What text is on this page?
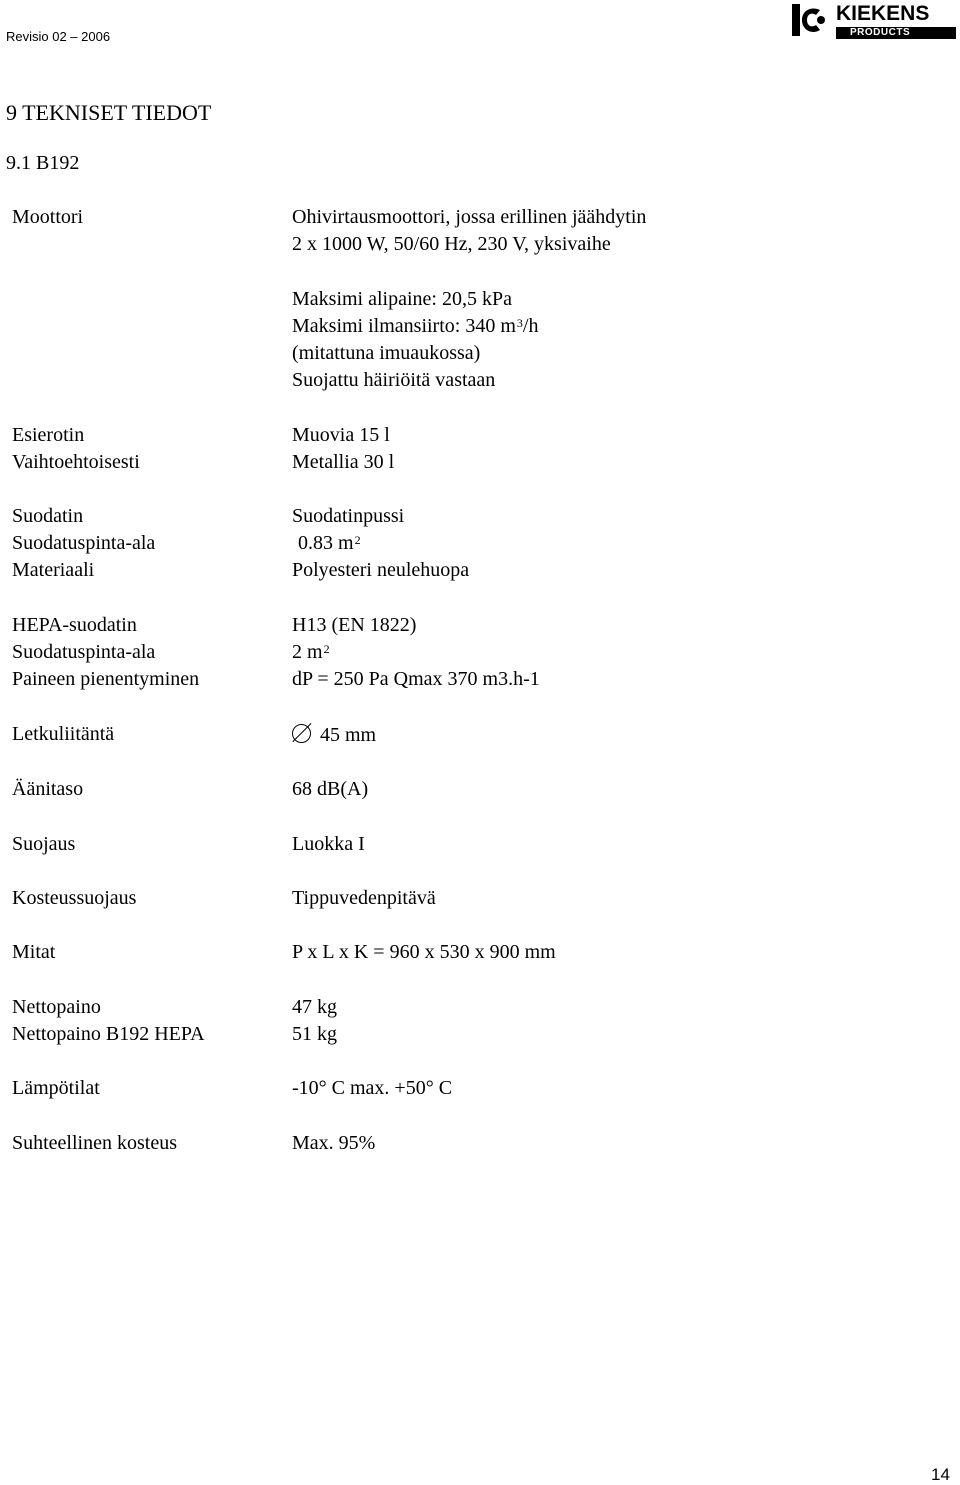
Revisio 02 – 2006
KIEKENS
PRODUCTS
9 TEKNISET TIEDOT
9.1 B192
Moottori	Ohivirtausmoottori, jossa erillinen jäähdytin
2 x 1000 W, 50/60 Hz, 230 V, yksivaihe
Maksimi alipaine: 20,5 kPa
Maksimi ilmansiirto: 340 $m^3/h$
(mitattuna imuaukossa)
Suojattu häiriöitä vastaan
Esierotin	Muovia 15 l
Vaihtoehtoisesti	Metallia 30 l
Suodatin	Suodatinpussi
Suodatuspinta-ala	0.83 $m^2$
Materiaali	Polyesteri neulehuopa
HEPA-suodatin	H13 (EN 1822)
Suodatuspinta-ala	2 $m^2$
Paineen pienentyminen	dP = 250 Pa Qmax 370 m3.h-1
Letkuliitäntä	45 mm
Äänitaso	68 dB(A)
Suojaus	Luokka I
Kosteussuojaus	Tippuvedenpitävä
Mitat	P x L x K = 960 x 530 x 900 mm
Nettopaino	47 kg
Nettopaino B192 HEPA	51 kg
Lämpötilat	-10° C max. +50° C
Suhteellinen kosteus	Max. 95%
14
